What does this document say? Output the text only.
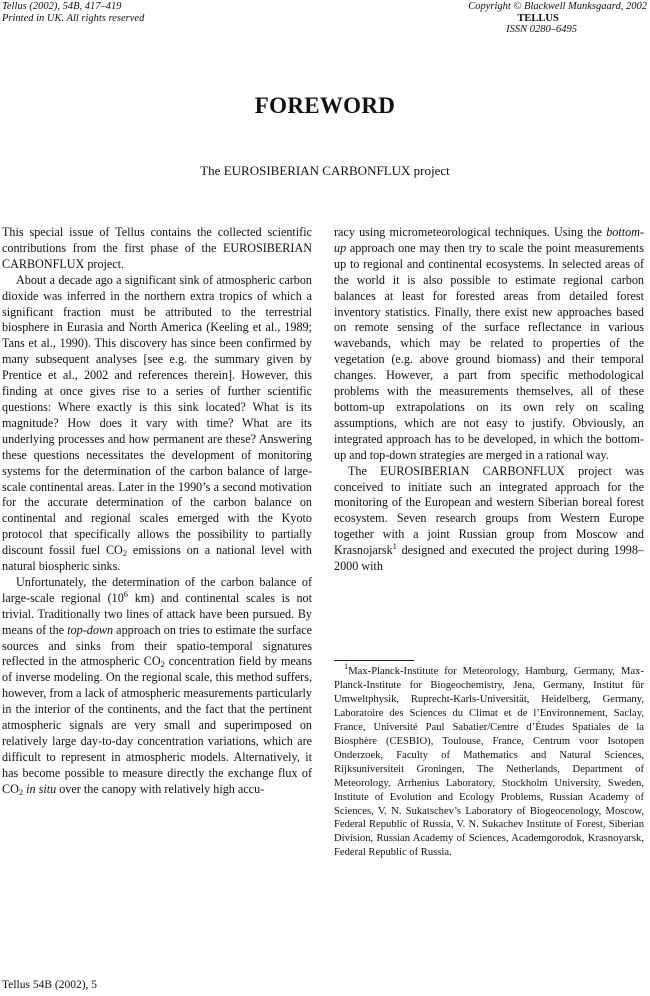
Tellus (2002), 54B, 417–419
Printed in UK. All rights reserved
Copyright © Blackwell Munksgaard, 2002
TELLUS
ISSN 0280–6495
FOREWORD
The EUROSIBERIAN CARBONFLUX project

This special issue of Tellus contains the collected scientific contributions from the first phase of the EUROSIBERIAN CARBONFLUX project.

About a decade ago a significant sink of atmospheric carbon dioxide was inferred in the northern extra tropics of which a significant fraction must be attributed to the terrestrial biosphere in Eurasia and North America (Keeling et al., 1989; Tans et al., 1990). This discovery has since been confirmed by many subsequent analyses [see e.g. the summary given by Prentice et al., 2002 and references therein]. However, this finding at once gives rise to a series of further scientific questions: Where exactly is this sink located? What is its magnitude? How does it vary with time? What are its underlying processes and how permanent are these? Answering these questions necessitates the development of monitoring systems for the determination of the carbon balance of large-scale continental areas. Later in the 1990’s a second motivation for the accurate determination of the carbon balance on continental and regional scales emerged with the Kyoto protocol that specifically allows the possibility to partially discount fossil fuel $CO_2$ emissions on a national level with natural biospheric sinks.

Unfortunately, the determination of the carbon balance of large-scale regional ($10^6$ km) and continental scales is not trivial. Traditionally two lines of attack have been pursued. By means of the top-down approach on tries to estimate the surface sources and sinks from their spatio-temporal signatures reflected in the atmospheric $CO_2$ concentration field by means of inverse modeling. On the regional scale, this method suffers, however, from a lack of atmospheric measurements particularly in the interior of the continents, and the fact that the pertinent atmospheric signals are very small and superimposed on relatively large day-to-day concentration variations, which are difficult to represent in atmospheric models. Alternatively, it has become possible to measure directly the exchange flux of $CO_2$ in situ over the canopy with relatively high accu-

racy using micrometeorological techniques. Using the bottom-up approach one may then try to scale the point measurements up to regional and continental ecosystems. In selected areas of the world it is also possible to estimate regional carbon balances at least for forested areas from detailed forest inventory statistics. Finally, there exist new approaches based on remote sensing of the surface reflectance in various wavebands, which may be related to properties of the vegetation (e.g. above ground biomass) and their temporal changes. However, a part from specific methodological problems with the measurements themselves, all of these bottom-up extrapolations on its own rely on scaling assumptions, which are not easy to justify. Obviously, an integrated approach has to be developed, in which the bottom-up and top-down strategies are merged in a rational way.

The EUROSIBERIAN CARBONFLUX project was conceived to initiate such an integrated approach for the monitoring of the European and western Siberian boreal forest ecosystem. Seven research groups from Western Europe together with a joint Russian group from Moscow and Krasnojarsk$^1$ designed and executed the project during 1998–2000 with

$^1$Max-Planck-Institute for Meteorology, Hamburg, Germany, Max-Planck-Institute for Biogeochemistry, Jena, Germany, Institut für Umweltphysik, Ruprecht-Karls-Universität, Heidelberg, Germany, Laboratoire des Sciences du Climat et de l’Environnement, Saclay, France, Université Paul Sabatier/Centre d’Études Spatiales de la Biosphère (CESBIO), Toulouse, France, Centrum voor Isotopen Onderzoek, Faculty of Mathematics and Natural Sciences, Rijksuniversiteit Groningen, The Netherlands, Department of Meteorology, Arrhenius Laboratory, Stockholm University, Sweden, Institute of Evolution and Ecology Problems, Russian Academy of Sciences, V. N. Sukatschev’s Laboratory of Biogeocenology, Moscow, Federal Republic of Russia, V. N. Sukachev Institute of Forest, Siberian Division, Russian Academy of Sciences, Academgorodok, Krasnoyarsk, Federal Republic of Russia.

Tellus 54B (2002), 5
